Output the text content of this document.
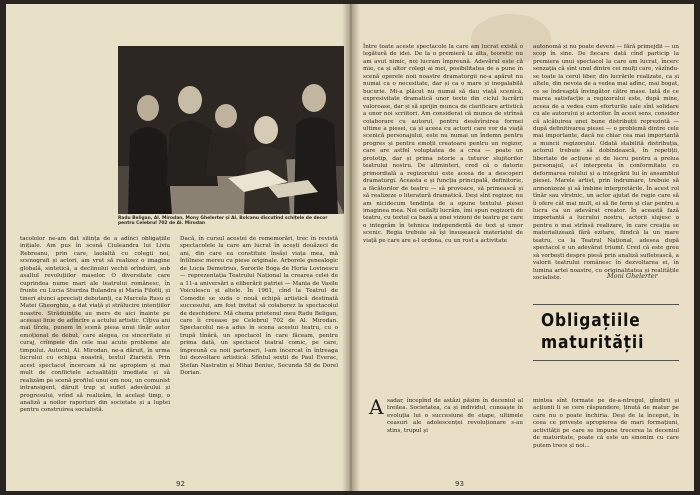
Radu Beligan, Al. Mirodan, Mony Ghelerter și Al. Bolcanu discutînd schițele de decor pentru Celebrul 702 de Al. Mirodan
tacolelor ne-am dat silința de a adînci obligațiile inițiale. Am pus în scenă Ciuleandra lui Liviu Rebreanu, prin care, laolaltă cu colegii noi, scenografi și actori, am vrut să realizez o imagine globală, sintetică, a declinului vechii orînduiri, sub asaltul revoluțiilor maselor. O diversitate care cuprindea nume mari ale teatrului românesc, în frunte cu Lucia Sturdza Bulandra și Maria Filotti, și tineri atunci apreciați debutanți, ca Marcela Rusu și Matei Gheorghiu, a dat viață și strălucire intențiilor noastre. Străduințile au mers de aici înainte pe aceeași linie de adîncire a actului artistic. Cîțiva ani mai tîrziu, punem în scenă piesa unui tînăr autor emoționat de debut, care alegea, cu sinceritate și curaj, crîmpeie din cele mai acute probleme ale timpului. Autorul, Al. Mirodan, ne-a dăruit, în urma lucrului cu echipa noastră, textul Ziaristii. Prin acest spectacol încercam să ne apropiem și mai mult de conflictele actualității imediate și să realizăm pe scenă profilul unui om nou, un comunist intransigent, dăruit trup și suflet adevărului și progresului, vrînd să realizăm, în același timp, o analiză a noilor raporturi din societate și a luptei pentru construirea socialistă.
Dacă, în cursul acestei de rememorări, trec în revistă spectacolele la care am lucrat în acești douăzeci de ani, din care ea constituie însăși viața mea, mă întîlnesc mereu cu piese originale. Arborele genealogic de Lucia Demetrius, Surorile Boga de Horia Lovinescu — reprezentația Teatrului Național la crearea celei de a 11-a aniversări a eliberării patriei — Mania de Vasile Voiculescu și altele. În 1961, cînd la Teatrul de Comedie se suda o nouă echipă artistică destinată succesului, am fost invitat să colaborez la spectacolul de deschidere. Mă chema prietenul meu Radu Beligan, care îi creease pe Celebrul 702 de Al. Mirodan. Spectacolul ne-a adus în scena acestui teatru, cu o trupă tînără, un spectacol în care făceam, pentru prima dată, un spectacol teatral comic, pe care, împreună cu noii parteneri, l-am încercat în întreaga lui dezvoltare artistică: Sfîntul sextil de Paul Everac, Ștefan Nastratin și Mihai Beniuc, Secunda 58 de Dorel Dorian.
92
Între toate aceste spectacole la care am lucrat există o legătură de idei. De la o premieră la alta, teoretic nu am avut nimic, noi lucram împreună. Adevărul este că mie, ca și altor colegi ai mei, posibilitatea de a pune în scenă operele noii noastre dramaturgii ne-a apărut nu numai ca o necesitate, dar și ca o mare și inegalabilă bucurie. Mi-a plăcut nu numai să dau viață scenică, expresivitate dramatică unor texte din ciclul lucrării valoroase, dar și să sprijin munca de clarificare artistică a unor noi scriitori. Am considerat că munca de strînsă colaborare cu autorul, pentru desăvîrșirea formei ultime a piesei, ca și aceea cu actorii care vor da viață scenică personajului, este nu numai un îndemn pentru progres și pentru emoții creatoare pentru un regizor, care are astfel voluptatea de a crea — poate un prototip, dar și prima istorie a tuturor slujitorilor teatrului nostru. De altminteri, cred că o datorie primordială a regizorului este aceea de a descoperi dramaturgi. Aceasta e și funcția principală, definitorie, a făcătorilor de teatru — să provoace, să primească și să realizeze o literatură dramatică. Deși sînt regizor, nu am nicidecum tendința de a opune textului piesei imaginea mea. Noi ceilalți lucrăm, îmi spun regizorii de teatru, cu textul ca bază a unei viziuni de teatru pe care o integrăm în tehnica independentă de text și umor scenic. Regia trebuie să își însușească materialul de viață pe care are a-l ordona, cu un rost a activitate
autonomă și nu poate deveni — fără primejdii — un scop în sine. De fiecare dată cînd particip la premiera unui spectacol la care am lucrat, încerc senzația că sînt unul dintre cei mulți care, văzîndu-se toate la cerul liber, din lucrările realizate, ca și altele, din nevoia de a vedea mai adînc, mai bogat, ce se îndreaptă învingător către mase. Iată de ce marea satisfacție a regizorului este, după mine, aceea de a vedea cum eforturile sale sînt solidare cu ale autorului și actorilor. În acest sens, consider că alcătuirea unei bune distribuții reprezintă — după definitivarea piesei — o problemă dintre cele mai importante, dacă nu chiar cea mai importantă a muncii regizorului. Odată stabilită distribuția, actorul trebuie să dobîndească, în repetiții, libertate de acțiune și de lucru pentru a prelua personajul, a-l interpreta în conformitate cu deformarea rolului și a integrării lui în ansamblul piesei. Marele artist, prin îndrumare, trebuie să armonizeze și să îmbine interpretările. În acest rol tînăr sau vîrstnic, un actor ajutat de regie care să îi ofere cât mai mult, ei să fie ferm și clar pentru a lucra ca un adevărat creator. În această fază importantă a lucrului nostru, actorii slujesc o pentru o mai strînsă realizare, în care creația se materializează fără ezitare, fiindcă la un mare teatru, ca la Teatrul Național, adesea după spectacol e un adevărat triumf. Cred că este greu să vorbești despre piesă prin analiză sufletească, a valorii teatrului românesc în dezvoltarea ei, în lumina artei noastre, cu originalitatea și realitățile socialiste.	Moni Ghelerter
Obligațiile
maturității
A sadar, începînd de astăzi pășim în deceniul al treilea. Societatea, ca și individul, cunoaște în evoluția lui o succesiune de etape, ultimele ceasuri ale adolescenței revoluționare s-au stins, trupul și
mintea sînt formate pe de-a-ntregul, gîndirii și acțiunii li se cere răspundere, ținută de matur pe care nu o poate închiria. Deși de la început, în ceea ce privește apropierea de mari formațiuni, activității pe care se impune trecerea la deceniul de maturitate, poate că este un sinonim cu care putem trece și noi...
93
